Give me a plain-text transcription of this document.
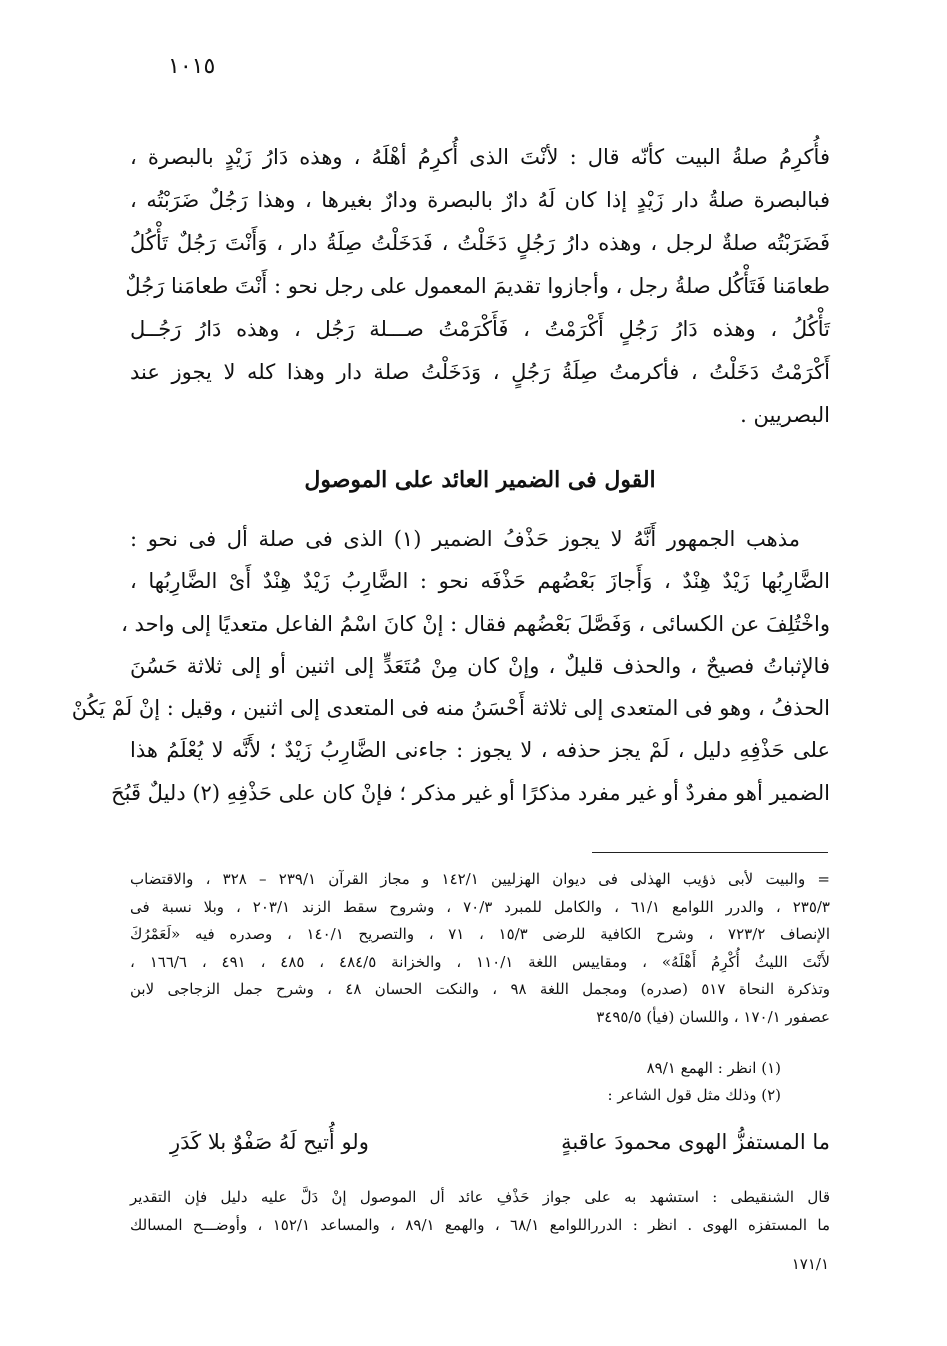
١٠١٥
فأُكرِمُ صلةُ البيت كأنّه قال : لأنْتَ الذى أُكرِمُ أهْلَهُ ، وهذه دَارُ زَيْدٍ بالبصرة ،
فبالبصرة صلةُ دار زَيْدٍ إذا كان لَهُ دارٌ بالبصرة ودارٌ بغيرها ، وهذا رَجُلٌ ضَرَبْتُه ،
فَضَرَبْتُه صلةٌ لرجل ، وهذه دارُ رَجُلٍ دَخَلْتُ ، فَدَخَلْتُ صِلَةُ دار ، وَأَنْتَ رَجُلٌ تَأْكُلُ
طعامَنا فَتَأْكُل صلةُ رجل ، وأجازوا تقديمَ المعمول على رجل نحو : أَنْتَ طعامَنا رَجُلٌ
تَأْكُلُ ، وهذه دَارُ رَجُلٍ أَكْرَمْتُ ، فَأَكْرَمْتُ صـــلة رَجُل ، وهذه دَارُ رَجُــل
أَكْرَمْتُ دَخَلْتُ ، فأكرمتُ صِلَةُ رَجُلٍ ، وَدَخَلْتُ صلة دار وهذا كله لا يجوز عند
البصريين .
القول فى الضمير العائد على الموصول
مذهب الجمهور أَنَّهُ لا يجوز حَذْفُ الضمير (١) الذى فى صلة أل فى نحو :
الضَّارِبُها زَيْدٌ هِنْدٌ ، وَأَجازَ بَعْضُهم حَذْفَه نحو : الضَّارِبُ زَيْدٌ هِنْدٌ أَىْ الضَّارِبُها ،
واخْتُلِفَ عن الكسائى ، وَفَصَّلَ بَعْضُهم فقال : إنْ كانَ اسْمُ الفاعل متعديًا إلى واحد ،
فالإثباتُ فصيحٌ ، والحذف قليلٌ ، وإنْ كان مِنْ مُتَعَدٍّ إلى اثنين أو إلى ثلاثة حَسُنَ
الحذفُ ، وهو فى المتعدى إلى ثلاثة أَحْسَنُ منه فى المتعدى إلى اثنين ، وقيل : إنْ لَمْ يَكُنْ
على حَذْفِهِ دليل ، لَمْ يجز حذفه ، لا يجوز : جاءنى الضَّارِبُ زَيْدٌ ؛ لأَنَّه لا يُعْلَمُ هذا
الضمير أهو مفردٌ أو غير مفرد مذكرًا أو غير مذكر ؛ فإنْ كان على حَذْفِهِ (٢) دليلٌ قَبُحَ
= والبيت لأبى ذؤيب الهذلى فى ديوان الهزليين ١٤٢/١ و مجاز القرآن ٢٣٩/١ – ٣٢٨ ، والاقتضاب
٢٣٥/٣ ، والدرر اللوامع ٦١/١ ، والكامل للمبرد ٧٠/٣ ، وشروح سقط الزند ٢٠٣/١ ، وبلا نسبة فى
الإنصاف ٧٢٣/٢ ، وشرح الكافية للرضى ١٥/٣ ، ٧١ ، والتصريح ١٤٠/١ ، وصدره فيه «لَعَمْرُكَ
لأَنْتَ الليثُ أُكْرِمُ أَهْلَهُ» ، ومقاييس اللغة ١١٠/١ ، والخزانة ٤٨٤/٥ ، ٤٨٥ ، ٤٩١ ، ١٦٦/٦ ،
وتذكرة النحاة ٥١٧ (صدره) ومجمل اللغة ٩٨ ، والنكت الحسان ٤٨ ، وشرح جمل الزجاجى لابن
عصفور ١٧٠/١ ، واللسان (فيأ) ٣٤٩٥/٥
(١) انظر : الهمع ٨٩/١
(٢) وذلك مثل قول الشاعر :
ما المستفزُّ الهوى محمودَ عاقبةٍ
ولو أُتيح لَهُ صَفْوٌ بلا كَدَرِ
قال الشنقيطى : استشهد به على جواز حَذْفِ عائد أل الموصول إنْ دَلَّ عليه دليل فإن التقدير
ما المستفزه الهوى . انظر : الدرراللوامع ٦٨/١ ، والهمع ٨٩/١ ، والمساعد ١٥٢/١ ، وأوضـــح المسالك
١٧١/١
